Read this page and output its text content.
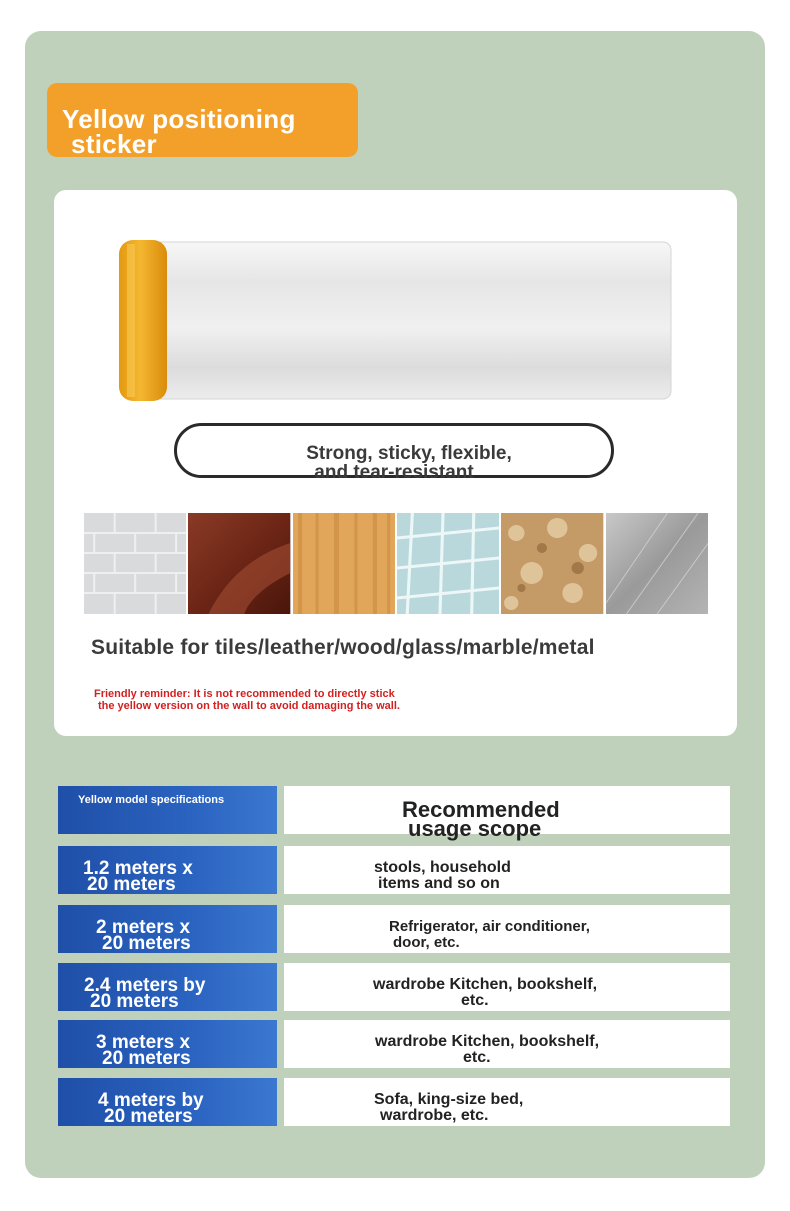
Yellow positioning
sticker
Strong, sticky, flexible,
and tear-resistant
Suitable for tiles/leather/wood/glass/marble/metal
Friendly reminder: It is not recommended to directly stick
the yellow version on the wall to avoid damaging the wall.
Yellow model specifications	Recommended
usage scope
1.2 meters x
20 meters
stools, household
items and so on
2 meters x
20 meters
Refrigerator, air conditioner,
door, etc.
2.4 meters by
20 meters
wardrobe Kitchen, bookshelf,
etc.
3 meters x
20 meters
wardrobe Kitchen, bookshelf,
etc.
4 meters by
20 meters
Sofa, king-size bed,
wardrobe, etc.
